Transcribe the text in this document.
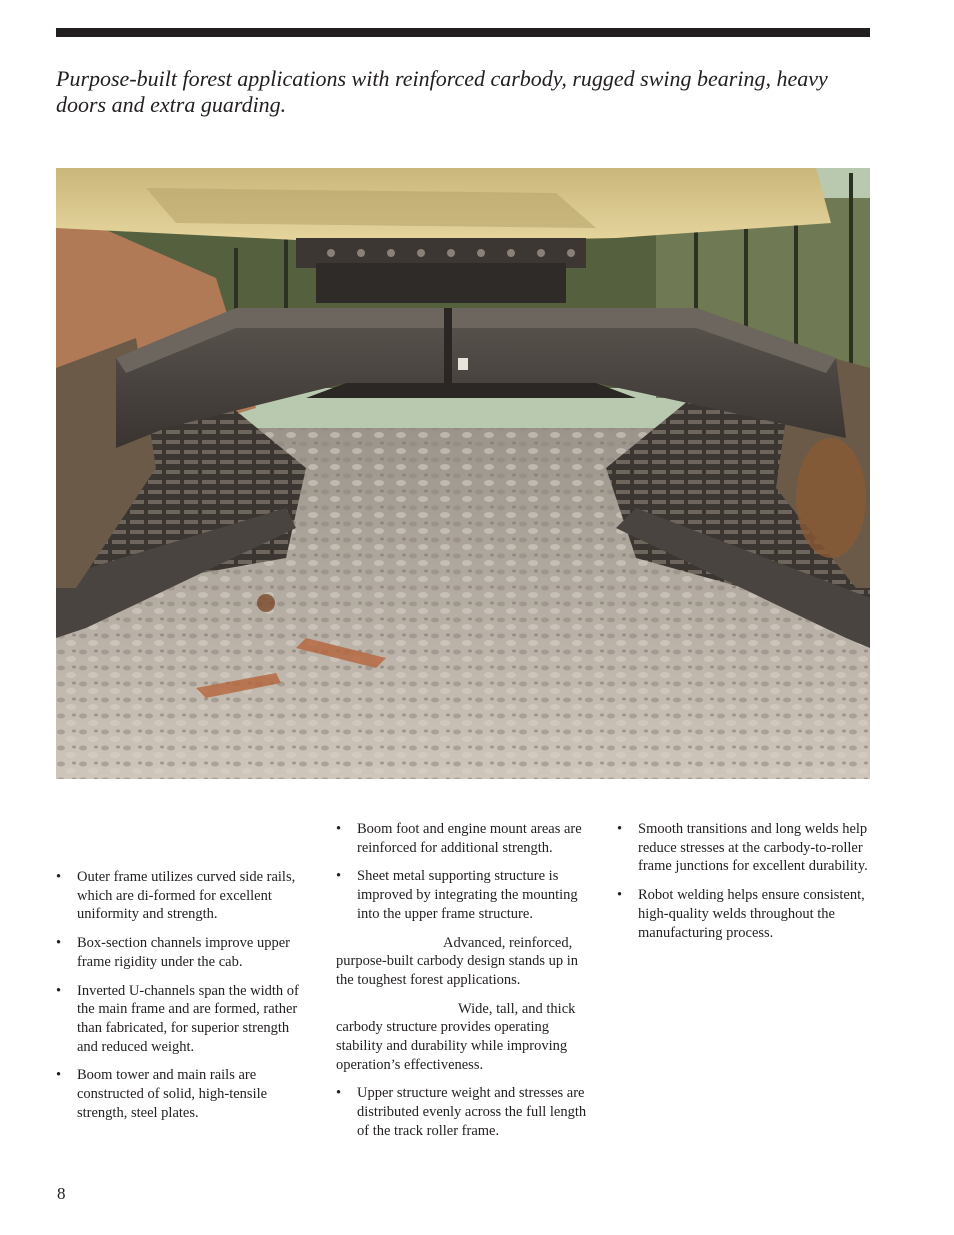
Purpose-built forest applications with reinforced carbody, rugged swing bearing, heavy doors and extra guarding.
• Outer frame utilizes curved side rails, which are di-formed for excellent uniformity and strength.
• Box-section channels improve upper frame rigidity under the cab.
• Inverted U-channels span the width of the main frame and are formed, rather than fabricated, for superior strength and reduced weight.
• Boom tower and main rails are constructed of solid, high-tensile strength, steel plates.
• Boom foot and engine mount areas are reinforced for additional strength.
• Sheet metal supporting structure is improved by integrating the mounting into the upper frame structure.

Advanced, reinforced, purpose-built carbody design stands up in the toughest forest applications.

Wide, tall, and thick carbody structure provides operating stability and durability while improving operation’s effectiveness.

• Upper structure weight and stresses are distributed evenly across the full length of the track roller frame.
• Smooth transitions and long welds help reduce stresses at the carbody-to-roller frame junctions for excellent durability.
• Robot welding helps ensure consistent, high-quality welds throughout the manufacturing process.
8
